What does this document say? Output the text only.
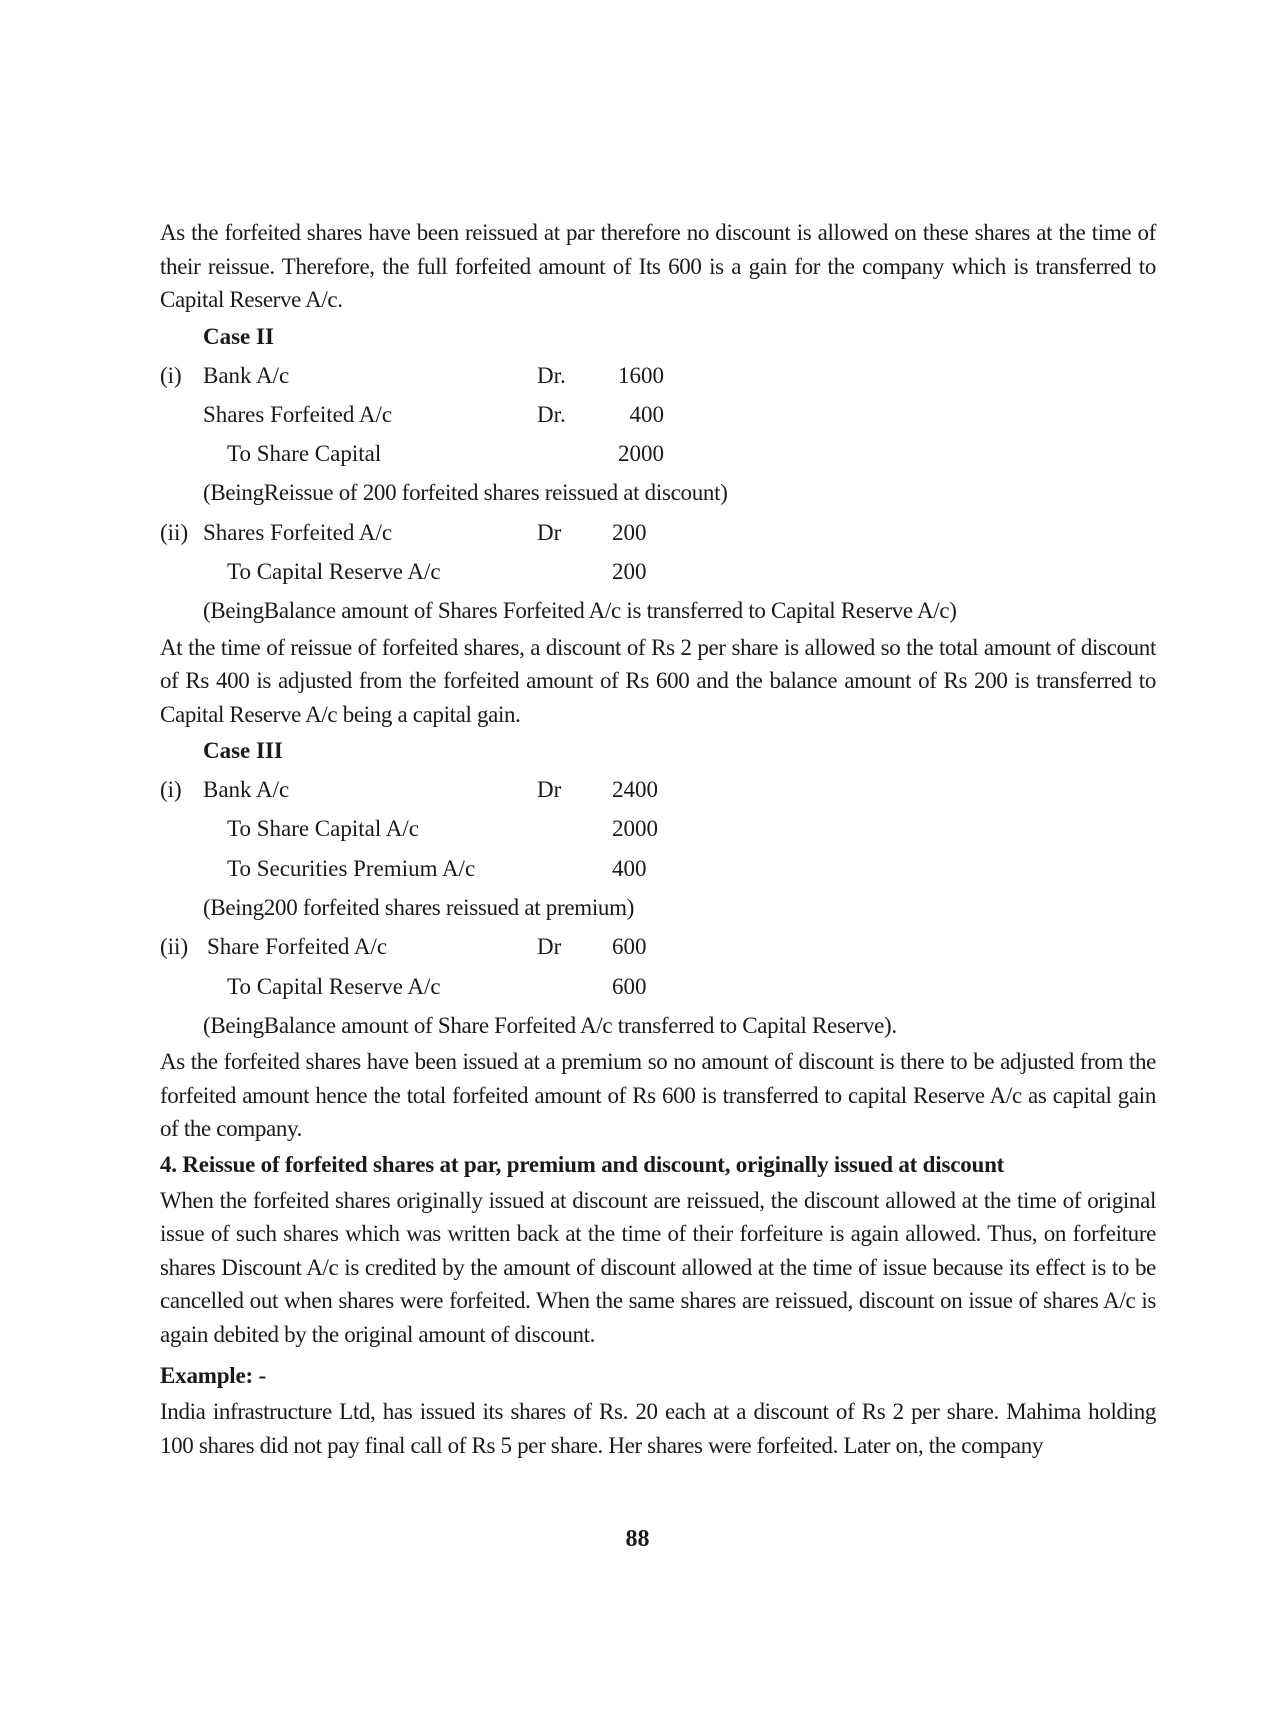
As the forfeited shares have been reissued at par therefore no discount is allowed on these shares at the time of their reissue. Therefore, the full forfeited amount of Its 600 is a gain for the company which is transferred to Capital Reserve A/c.

Case II
(i) Bank A/c	Dr.	1600
Shares Forfeited A/c	Dr.	400
To Share Capital	2000
(BeingReissue of 200 forfeited shares reissued at discount)
(ii) Shares Forfeited A/c	Dr 200
To Capital Reserve A/c	200
(BeingBalance amount of Shares Forfeited A/c is transferred to Capital Reserve A/c)

At the time of reissue of forfeited shares, a discount of Rs 2 per share is allowed so the total amount of discount of Rs 400 is adjusted from the forfeited amount of Rs 600 and the balance amount of Rs 200 is transferred to Capital Reserve A/c being a capital gain.

Case III
(i) Bank A/c	Dr 2400
To Share Capital A/c	2000
To Securities Premium A/c	400
(Being200 forfeited shares reissued at premium)
(ii) Share Forfeited A/c	Dr 600
To Capital Reserve A/c	600
(BeingBalance amount of Share Forfeited A/c transferred to Capital Reserve).

As the forfeited shares have been issued at a premium so no amount of discount is there to be adjusted from the forfeited amount hence the total forfeited amount of Rs 600 is transferred to capital Reserve A/c as capital gain of the company.

4. Reissue of forfeited shares at par, premium and discount, originally issued at discount

When the forfeited shares originally issued at discount are reissued, the discount allowed at the time of original issue of such shares which was written back at the time of their forfeiture is again allowed. Thus, on forfeiture shares Discount A/c is credited by the amount of discount allowed at the time of issue because its effect is to be cancelled out when shares were forfeited. When the same shares are reissued, discount on issue of shares A/c is again debited by the original amount of discount.

Example: -

India infrastructure Ltd, has issued its shares of Rs. 20 each at a discount of Rs 2 per share. Mahima holding 100 shares did not pay final call of Rs 5 per share. Her shares were forfeited. Later on, the company

88
